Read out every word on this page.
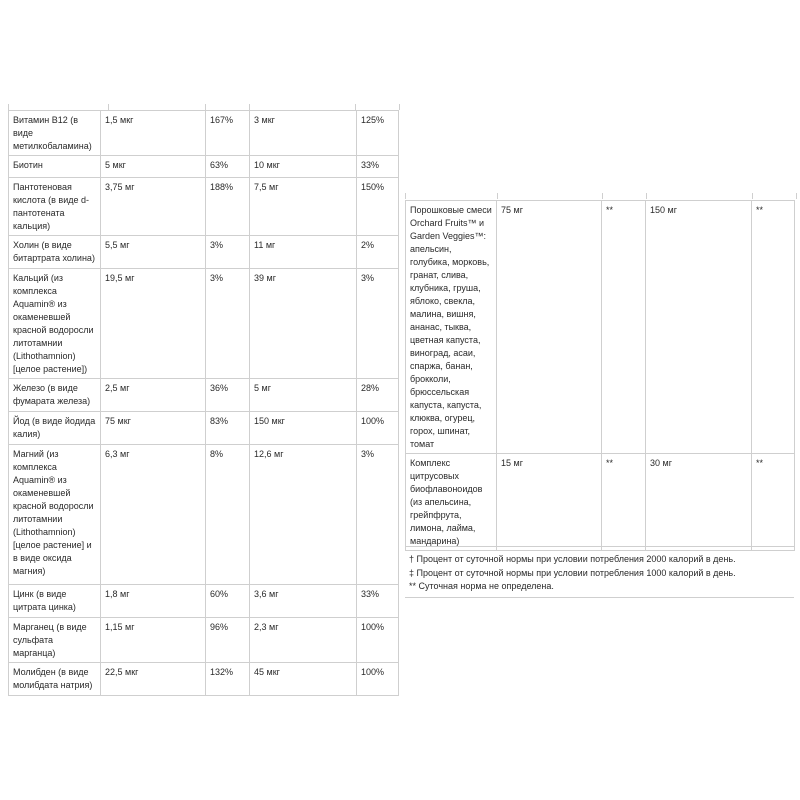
Витамин B12 (в виде метилкобаламина)	1,5 мкг	167%	3 мкг	125%
Биотин	5 мкг	63%	10 мкг	33%
Пантотеновая кислота (в виде d-пантотената кальция)	3,75 мг	188%	7,5 мг	150%
Холин (в виде битартрата холина)	5,5 мг	3%	11 мг	2%
Кальций (из комплекса Aquamin® из окаменевшей красной водоросли литотамнии (Lithothamnion) [целое растение])	19,5 мг	3%	39 мг	3%
Железо (в виде фумарата железа)	2,5 мг	36%	5 мг	28%
Йод (в виде йодида калия)	75 мкг	83%	150 мкг	100%
Магний (из комплекса Aquamin® из окаменевшей красной водоросли литотамнии (Lithothamnion) [целое растение] и в виде оксида магния)	6,3 мг	8%	12,6 мг	3%
Цинк (в виде цитрата цинка)	1,8 мг	60%	3,6 мг	33%
Марганец (в виде сульфата марганца)	1,15 мг	96%	2,3 мг	100%
Молибден (в виде молибдата натрия)	22,5 мкг	132%	45 мкг	100%
Порошковые смеси Orchard Fruits™ и Garden Veggies™: апельсин, голубика, морковь, гранат, слива, клубника, груша, яблоко, свекла, малина, вишня, ананас, тыква, цветная капуста, виноград, асаи, спаржа, банан, брокколи, брюссельская капуста, капуста, клюква, огурец, горох, шпинат, томат	75 мг	**	150 мг	**
Комплекс цитрусовых биофлавоноидов (из апельсина, грейпфрута, лимона, лайма, мандарина)	15 мг	**	30 мг	**
† Процент от суточной нормы при условии потребления 2000 калорий в день.
‡ Процент от суточной нормы при условии потребления 1000 калорий в день.
** Суточная норма не определена.
